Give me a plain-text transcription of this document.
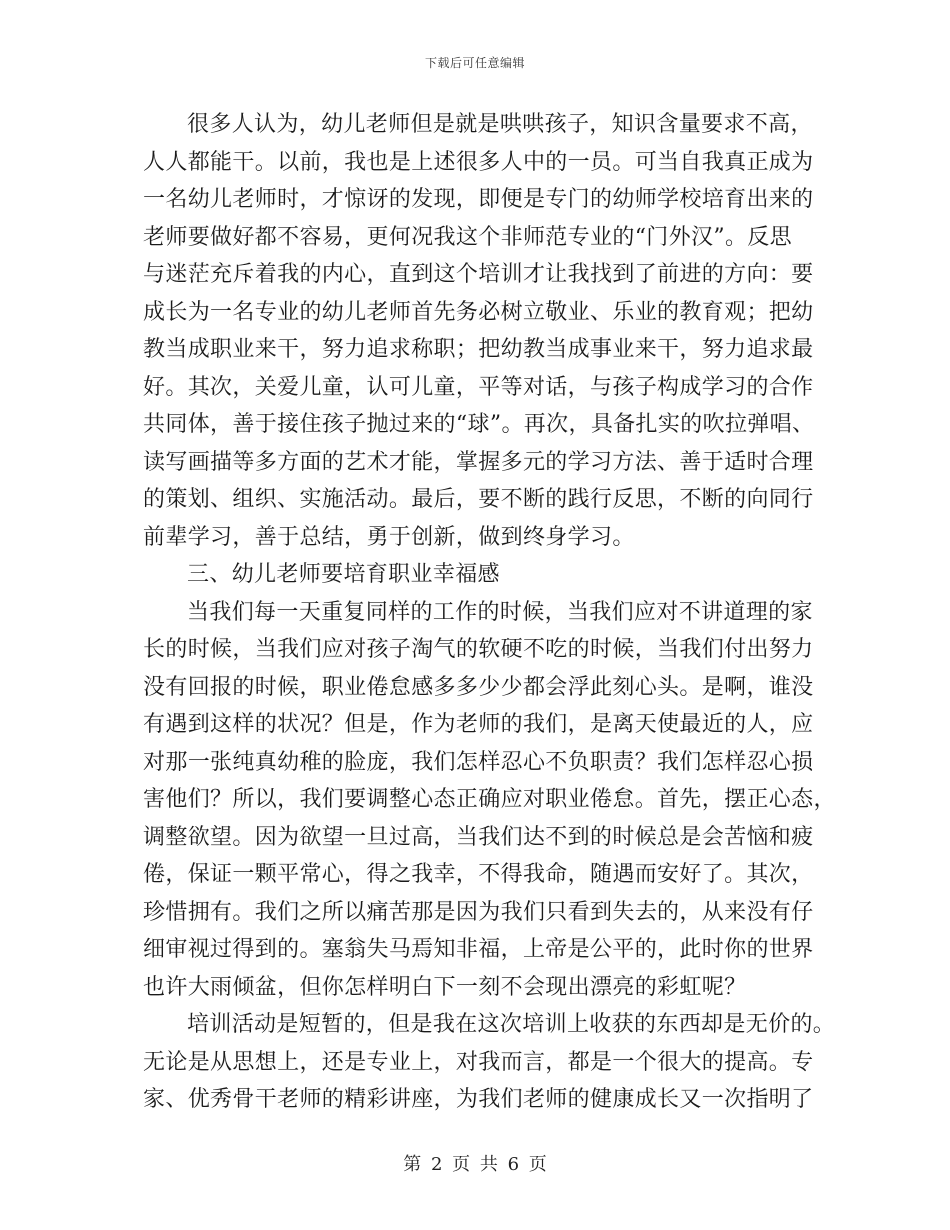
下载后可任意编辑
很多人认为，幼儿老师但是就是哄哄孩子，知识含量要求不高，
人人都能干。以前，我也是上述很多人中的一员。可当自我真正成为
一名幼儿老师时，才惊讶的发现，即便是专门的幼师学校培育出来的
老师要做好都不容易，更何况我这个非师范专业的“门外汉”。反思
与迷茫充斥着我的内心，直到这个培训才让我找到了前进的方向：要
成长为一名专业的幼儿老师首先务必树立敬业、乐业的教育观；把幼
教当成职业来干，努力追求称职；把幼教当成事业来干，努力追求最
好。其次，关爱儿童，认可儿童，平等对话，与孩子构成学习的合作
共同体，善于接住孩子抛过来的“球”。再次，具备扎实的吹拉弹唱、
读写画描等多方面的艺术才能，掌握多元的学习方法、善于适时合理
的策划、组织、实施活动。最后，要不断的践行反思，不断的向同行
前辈学习，善于总结，勇于创新，做到终身学习。
三、幼儿老师要培育职业幸福感
当我们每一天重复同样的工作的时候，当我们应对不讲道理的家
长的时候，当我们应对孩子淘气的软硬不吃的时候，当我们付出努力
没有回报的时候，职业倦怠感多多少少都会浮此刻心头。是啊，谁没
有遇到这样的状况？但是，作为老师的我们，是离天使最近的人，应
对那一张纯真幼稚的脸庞，我们怎样忍心不负职责？我们怎样忍心损
害他们？所以，我们要调整心态正确应对职业倦怠。首先，摆正心态，
调整欲望。因为欲望一旦过高，当我们达不到的时候总是会苦恼和疲
倦，保证一颗平常心，得之我幸，不得我命，随遇而安好了。其次，
珍惜拥有。我们之所以痛苦那是因为我们只看到失去的，从来没有仔
细审视过得到的。塞翁失马焉知非福，上帝是公平的，此时你的世界
也许大雨倾盆，但你怎样明白下一刻不会现出漂亮的彩虹呢？
培训活动是短暂的，但是我在这次培训上收获的东西却是无价的。
无论是从思想上，还是专业上，对我而言，都是一个很大的提高。专
家、优秀骨干老师的精彩讲座，为我们老师的健康成长又一次指明了
第 2 页 共 6 页
